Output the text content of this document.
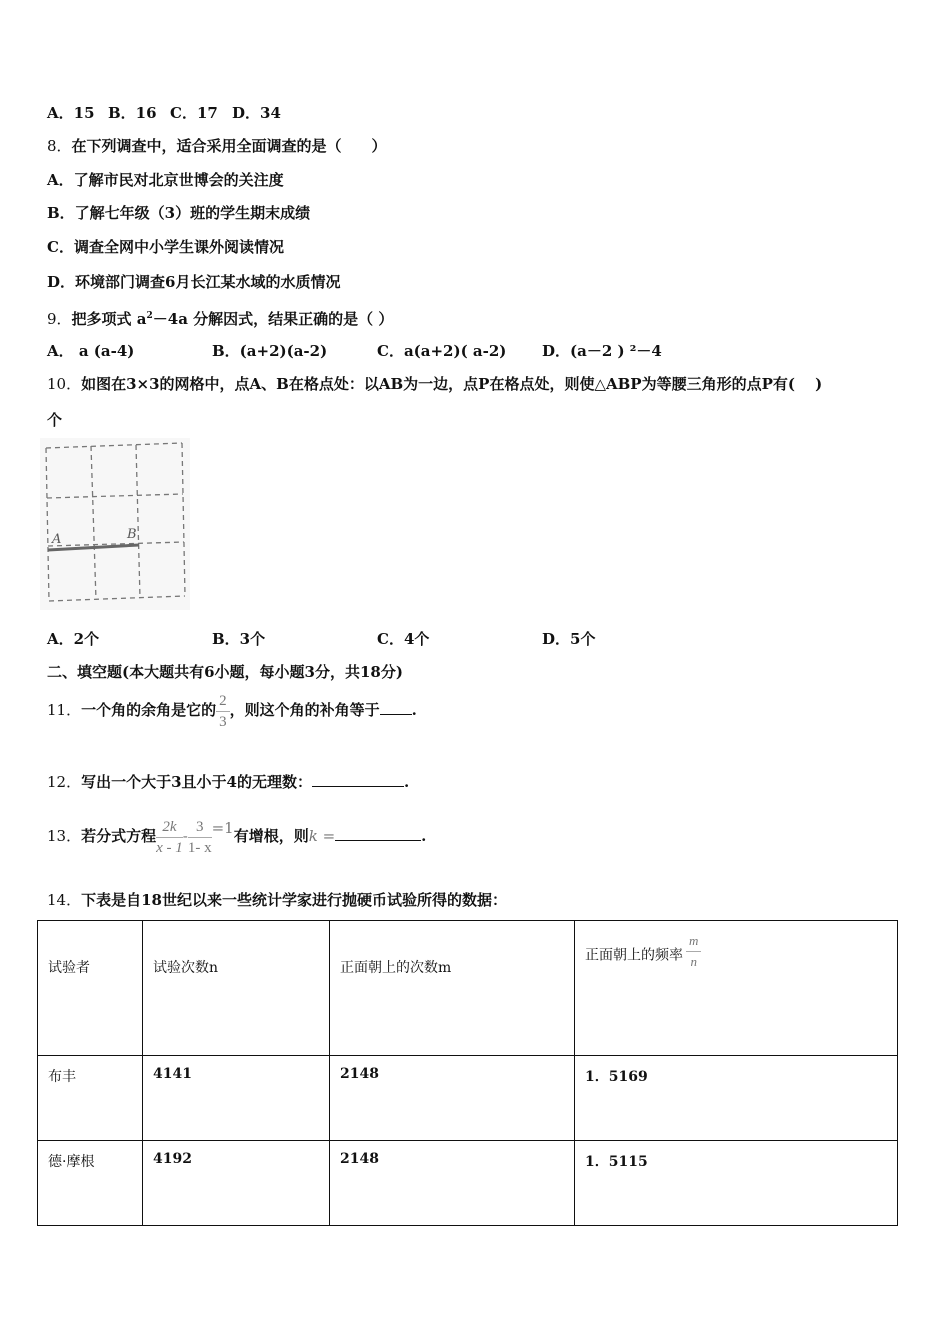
A．15 B．16 C．17 D．34
8．在下列调查中，适合采用全面调查的是（　　）
A．了解市民对北京世博会的关注度
B．了解七年级（3）班的学生期末成绩
C．调查全网中小学生课外阅读情况
D．环境部门调查6月长江某水域的水质情况
9．把多项式 $a^2-4a$ 分解因式，结果正确的是（ ）
A． a (a-4)	B．(a+2)(a-2)	C．a(a+2)( a-2) D．(a－2 ) ²－4
10．如图在3×3的网格中，点A、B在格点处：以AB为一边，点P在格点处，则使△ABP为等腰三角形的点P有(　 )
个
A	B
A．2个	B．3个	C．4个	D．5个
二、填空题(本大题共有6小题，每小题3分，共18分)
11．一个角的余角是它的 $\frac{2}{3}$ ，则这个角的补角等于 .
12．写出一个大于3且小于4的无理数：	.
13．若分式方程 $\frac{2k}{x - 1} - \frac{3}{1- x} =1$有增根，则k =	.
14．下表是自18世纪以来一些统计学家进行抛硬币试验所得的数据：
试验者	试验次数n	正面朝上的次数m	正面朝上的频率 $\frac{m}{n}$

布丰	4141	2148	1．5169
德·摩根	4192	2148	1．5115
